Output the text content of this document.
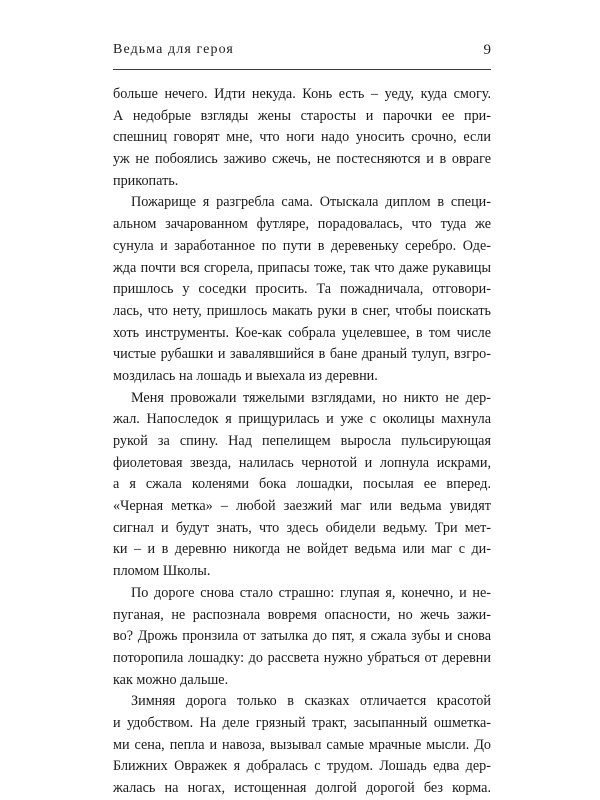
Ведьма для героя	9
больше нечего. Идти некуда. Конь есть – уеду, куда смогу.
А недобрые взгляды жены старосты и парочки ее при-
спешниц говорят мне, что ноги надо уносить срочно, если
уж не побоялись заживо сжечь, не постесняются и в овраге
прикопать.
Пожарище я разгребла сама. Отыскала диплом в специ-
альном зачарованном футляре, порадовалась, что туда же
сунула и заработанное по пути в деревеньку серебро. Оде-
жда почти вся сгорела, припасы тоже, так что даже рукавицы
пришлось у соседки просить. Та пожадничала, отговори-
лась, что нету, пришлось макать руки в снег, чтобы поискать
хоть инструменты. Кое-как собрала уцелевшее, в том числе
чистые рубашки и завалявшийся в бане драный тулуп, взгро-
моздилась на лошадь и выехала из деревни.
Меня провожали тяжелыми взглядами, но никто не дер-
жал. Напоследок я прищурилась и уже с околицы махнула
рукой за спину. Над пепелищем выросла пульсирующая
фиолетовая звезда, налилась чернотой и лопнула искрами,
а я сжала коленями бока лошадки, посылая ее вперед.
«Черная метка» – любой заезжий маг или ведьма увидят
сигнал и будут знать, что здесь обидели ведьму. Три мет-
ки – и в деревню никогда не войдет ведьма или маг с ди-
пломом Школы.
По дороге снова стало страшно: глупая я, конечно, и не-
пуганая, не распознала вовремя опасности, но жечь зажи-
во? Дрожь пронзила от затылка до пят, я сжала зубы и снова
поторопила лошадку: до рассвета нужно убраться от деревни
как можно дальше.
Зимняя дорога только в сказках отличается красотой
и удобством. На деле грязный тракт, засыпанный ошметка-
ми сена, пепла и навоза, вызывал самые мрачные мысли. До
Ближних Овражек я добралась с трудом. Лошадь едва дер-
жалась на ногах, истощенная долгой дорогой без корма.
